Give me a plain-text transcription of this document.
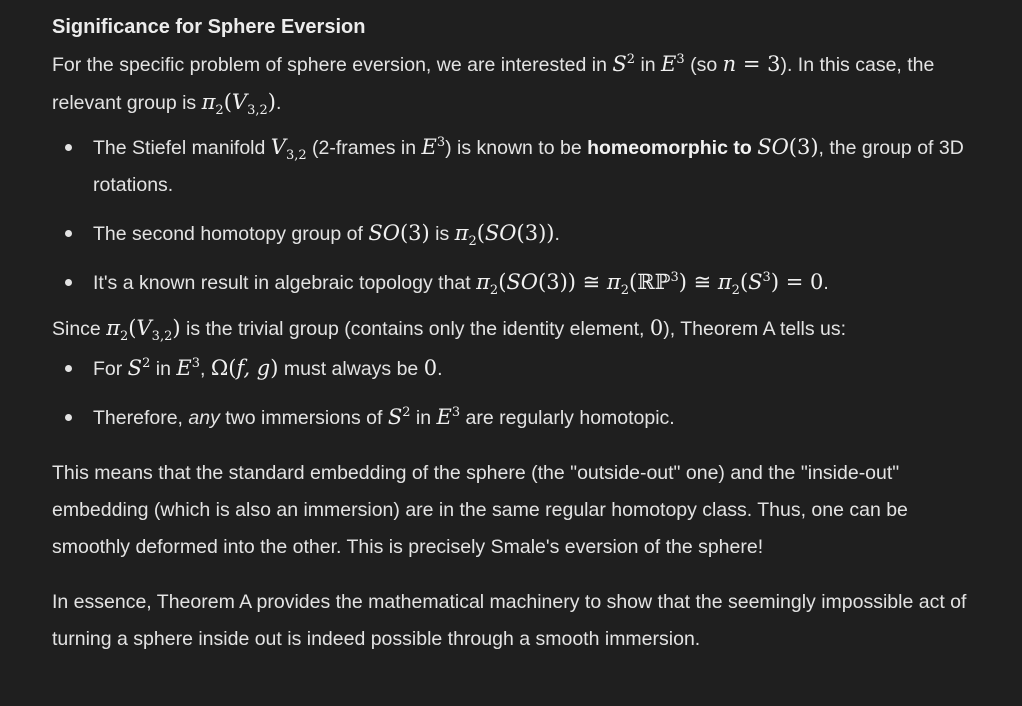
Significance for Sphere Eversion

For the specific problem of sphere eversion, we are interested in $S^2$ in $E^3$ (so n = 3). In this case, the relevant group is $\pi_2(V_{3,2})$.

The Stiefel manifold $V_{3,2}$ (2-frames in $E^3$) is known to be homeomorphic to SO(3), the group of 3D rotations.
The second homotopy group of SO(3) is $\pi_2(SO(3))$.
It's a known result in algebraic topology that $\pi_2(SO(3))$ ≅ $\pi_2(ℝℙ^3)$ ≅ $\pi_2(S^3) = 0$.

Since $\pi_2(V_{3,2})$ is the trivial group (contains only the identity element, 0), Theorem A tells us:

For $S^2$ in $E^3$, Ω(f, g) must always be 0.
Therefore, any two immersions of $S^2$ in $E^3$ are regularly homotopic.

This means that the standard embedding of the sphere (the "outside-out" one) and the "inside-out" embedding (which is also an immersion) are in the same regular homotopy class. Thus, one can be smoothly deformed into the other. This is precisely Smale's eversion of the sphere!

In essence, Theorem A provides the mathematical machinery to show that the seemingly impossible act of turning a sphere inside out is indeed possible through a smooth immersion.
